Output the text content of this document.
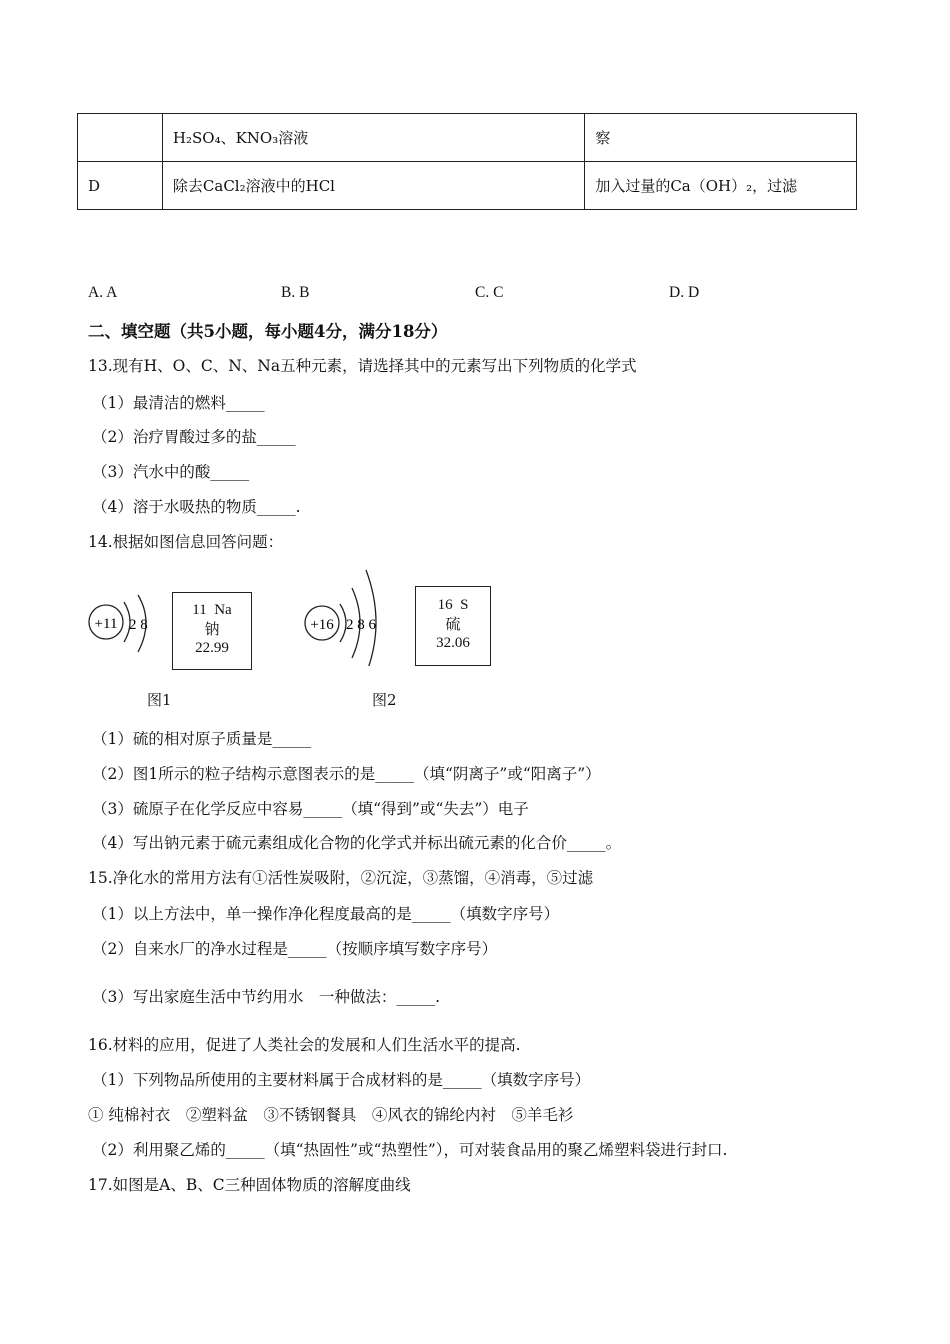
	H₂SO₄、KNO₃溶液	察
D	除去CaCl₂溶液中的HCl	加入过量的Ca（OH）₂，过滤
A. A	B. B	C. C	D. D
二、填空题（共5小题，每小题4分，满分18分）
13.现有H、O、C、N、Na五种元素，请选择其中的元素写出下列物质的化学式
（1）最清洁的燃料_____
（2）治疗胃酸过多的盐_____
（3）汽水中的酸_____
（4）溶于水吸热的物质_____.
14.根据如图信息回答问题：
+11 2 8
11 Na
钠
22.99
图1
+16 2 8 6
16 S
硫
32.06
图2
（1）硫的相对原子质量是_____
（2）图1所示的粒子结构示意图表示的是_____（填“阴离子”或“阳离子”）
（3）硫原子在化学反应中容易_____（填“得到”或“失去”）电子
（4）写出钠元素于硫元素组成化合物的化学式并标出硫元素的化合价_____。
15.净化水的常用方法有①活性炭吸附，②沉淀，③蒸馏，④消毒，⑤过滤
（1）以上方法中，单一操作净化程度最高的是_____（填数字序号）
（2）自来水厂的净水过程是_____（按顺序填写数字序号）
（3）写出家庭生活中节约用水　一种做法：_____.
16.材料的应用，促进了人类社会的发展和人们生活水平的提高.
（1）下列物品所使用的主要材料属于合成材料的是_____（填数字序号）
① 纯棉衬衣　②塑料盆　③不锈钢餐具　④风衣的锦纶内衬　⑤羊毛衫
（2）利用聚乙烯的_____（填“热固性”或“热塑性”），可对装食品用的聚乙烯塑料袋进行封口.
17.如图是A、B、C三种固体物质的溶解度曲线
